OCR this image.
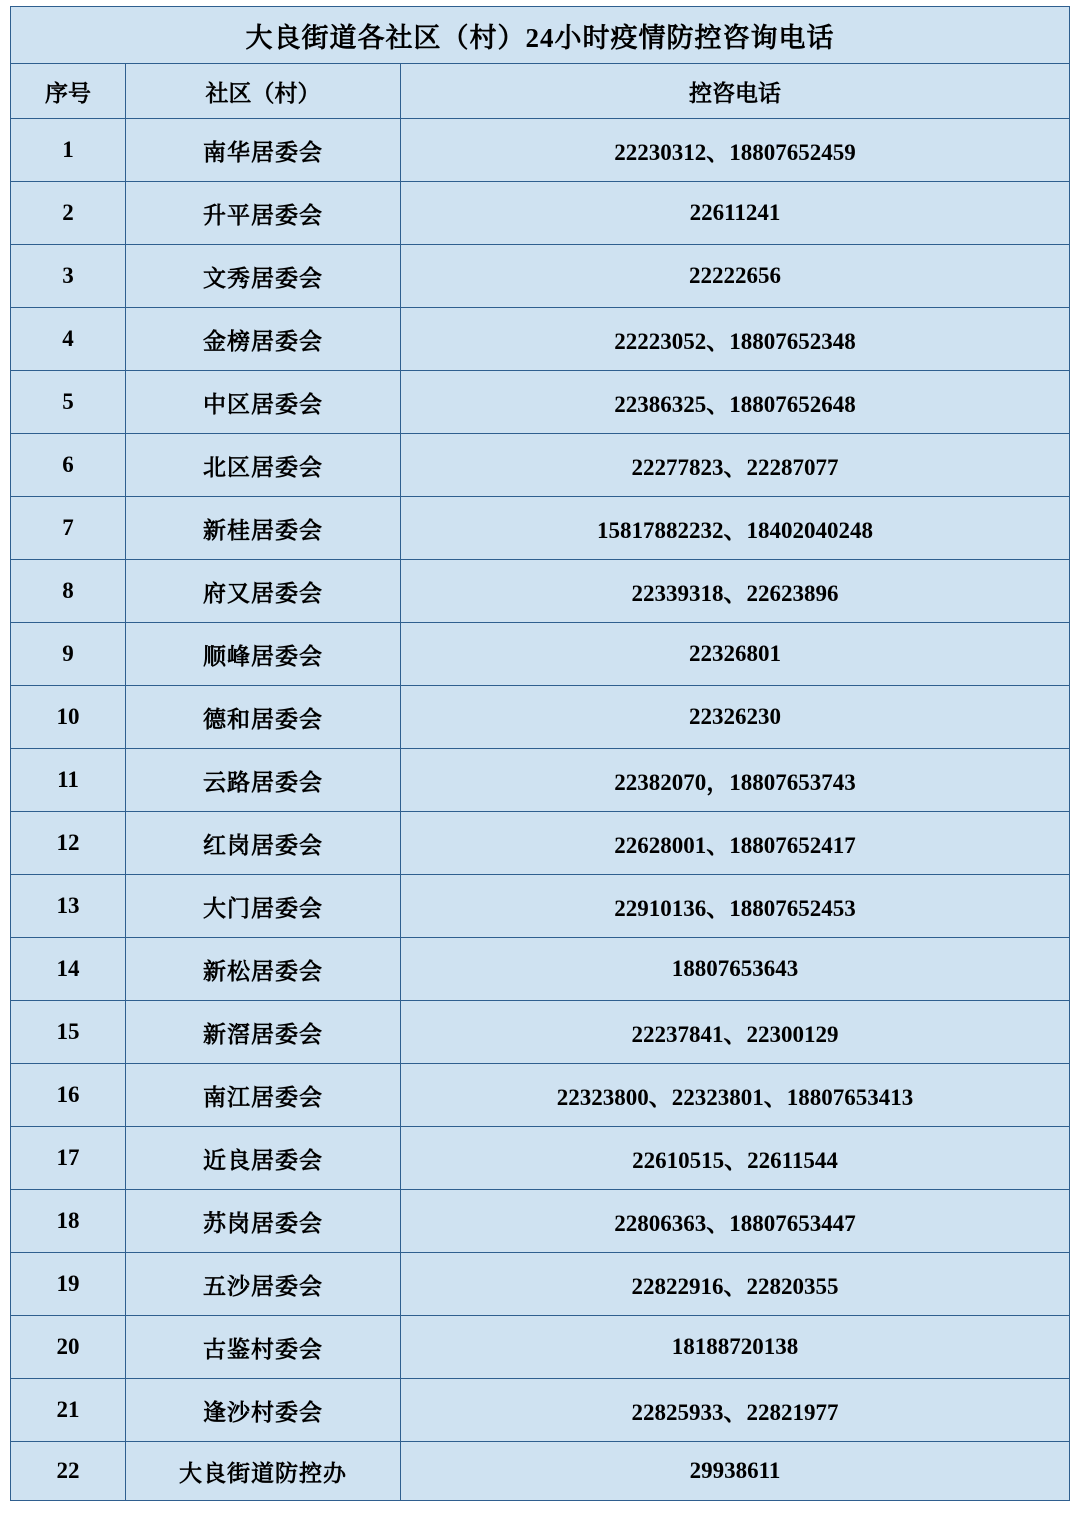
大良街道各社区（村）24小时疫情防控咨询电话		
序号	社区（村）	控咨电话
1	南华居委会	22230312、18807652459
2	升平居委会	22611241
3	文秀居委会	22222656
4	金榜居委会	22223052、18807652348
5	中区居委会	22386325、18807652648
6	北区居委会	22277823、22287077
7	新桂居委会	15817882232、18402040248
8	府又居委会	22339318、22623896
9	顺峰居委会	22326801
10	德和居委会	22326230
11	云路居委会	22382070，18807653743
12	红岗居委会	22628001、18807652417
13	大门居委会	22910136、18807652453
14	新松居委会	18807653643
15	新滘居委会	22237841、22300129
16	南江居委会	22323800、22323801、18807653413
17	近良居委会	22610515、22611544
18	苏岗居委会	22806363、18807653447
19	五沙居委会	22822916、22820355
20	古鉴村委会	18188720138
21	逢沙村委会	22825933、22821977
22	大良街道防控办	29938611
